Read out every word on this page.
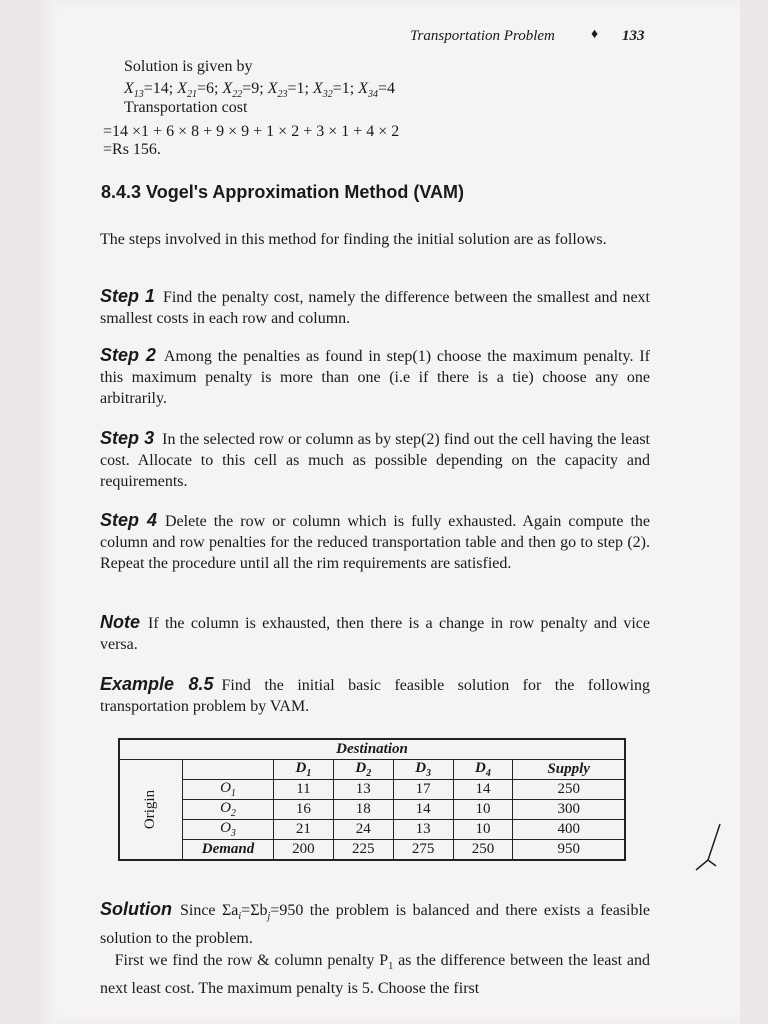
Transportation Problem	♦ 133
Solution is given by
$X_{13}=14$; $X_{21}=6$; $X_{22}=9$; $X_{23}=1$; $X_{32}=1$; $X_{34}=4$
Transportation cost
=14 ×1 + 6 × 8 + 9 × 9 + 1 × 2 + 3 × 1 + 4 × 2
=Rs 156.
8.4.3 Vogel's Approximation Method (VAM)
The steps involved in this method for finding the initial solution are as follows.
Step 1 Find the penalty cost, namely the difference between the smallest and next smallest costs in each row and column.
Step 2 Among the penalties as found in step(1) choose the maximum penalty. If this maximum penalty is more than one (i.e if there is a tie) choose any one arbitrarily.
Step 3 In the selected row or column as by step(2) find out the cell having the least cost. Allocate to this cell as much as possible depending on the capacity and requirements.
Step 4 Delete the row or column which is fully exhausted. Again compute the column and row penalties for the reduced transportation table and then go to step (2). Repeat the procedure until all the rim requirements are satisfied.
Note If the column is exhausted, then there is a change in row penalty and vice versa.
Example 8.5 Find the initial basic feasible solution for the following transportation problem by VAM.
Destination						
Origin		$D_1$	$D_2$	$D_3$	$D_4$	Supply
	$O_1$	11	13	17	14	250
	$O_2$	16	18	14	10	300
	$O_3$	21	24	13	10	400
	Demand	200	225	275	250	950
Solution Since $\Sigma a_i=\Sigma b_j=950$ the problem is balanced and there exists a feasible solution to the problem.
First we find the row & column penalty $P_1$ as the difference between the least and next least cost. The maximum penalty is 5. Choose the first
